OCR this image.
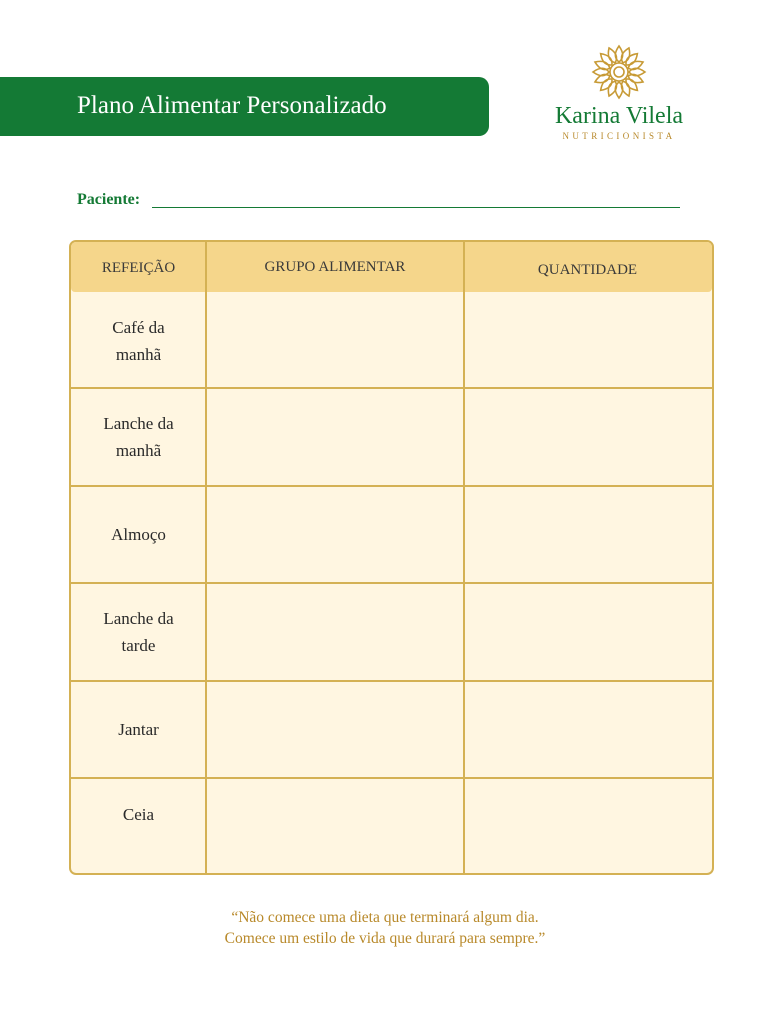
Plano Alimentar Personalizado	Karina Vilela
NUTRICIONISTA
Paciente:
REFEIÇÃO	GRUPO ALIMENTAR	QUANTIDADE
Café da manhã
Lanche da manhã
Almoço
Lanche da tarde
Jantar
Ceia
“Não comece uma dieta que terminará algum dia.
Comece um estilo de vida que durará para sempre.”
